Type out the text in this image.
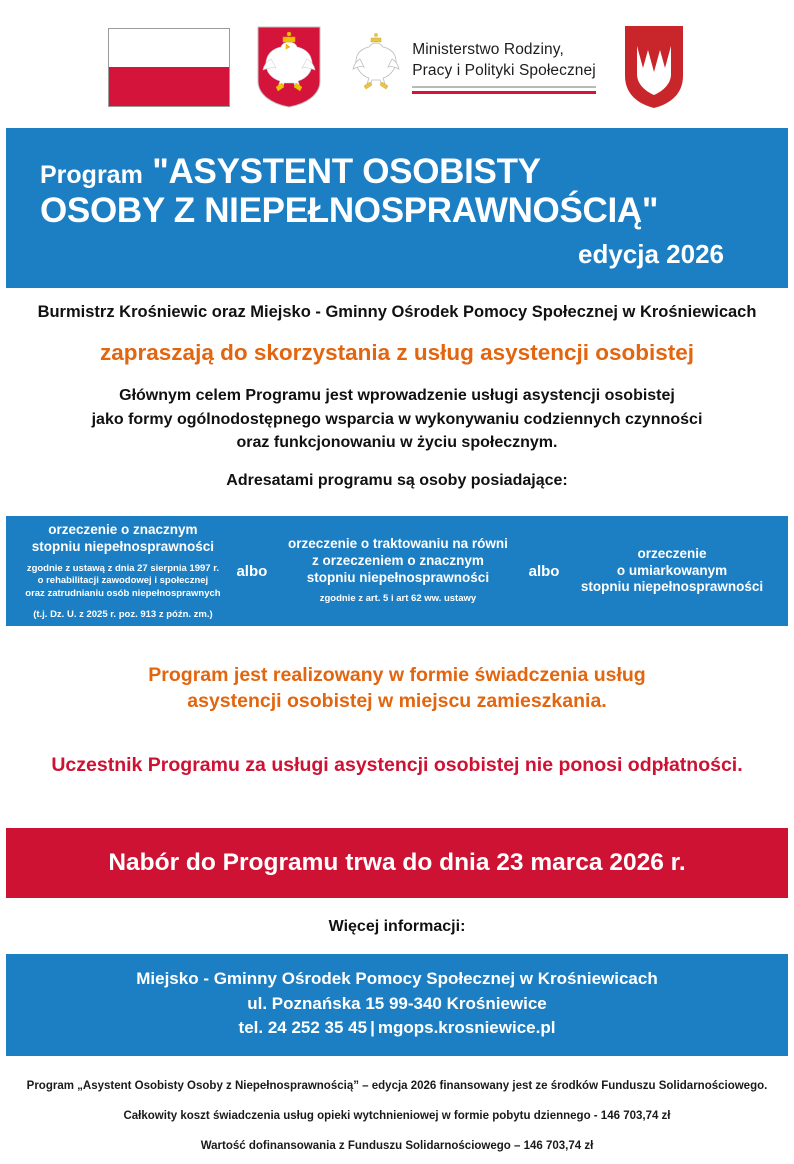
Ministerstwo Rodziny,
Pracy i Polityki Społecznej
Program "ASYSTENT OSOBISTY
OSOBY Z NIEPEŁNOSPRAWNOŚCIĄ"
edycja 2026
Burmistrz Krośniewic oraz Miejsko - Gminny Ośrodek Pomocy Społecznej w Krośniewicach
zapraszają do skorzystania z usług asystencji osobistej
Głównym celem Programu jest wprowadzenie usługi asystencji osobistej
jako formy ogólnodostępnego wsparcia w wykonywaniu codziennych czynności
oraz funkcjonowaniu w życiu społecznym.
Adresatami programu są osoby posiadające:
orzeczenie o znacznym
stopniu niepełnosprawności
zgodnie z ustawą z dnia 27 sierpnia 1997 r.
o rehabilitacji zawodowej i społecznej
oraz zatrudnianiu osób niepełnosprawnych
(t.j. Dz. U. z 2025 r. poz. 913 z późn. zm.)
albo
orzeczenie o traktowaniu na równi
z orzeczeniem o znacznym
stopniu niepełnosprawności
zgodnie z art. 5 i art 62 ww. ustawy
albo
orzeczenie
o umiarkowanym
stopniu niepełnosprawności
Program jest realizowany w formie świadczenia usług
asystencji osobistej w miejscu zamieszkania.
Uczestnik Programu za usługi asystencji osobistej nie ponosi odpłatności.
Nabór do Programu trwa do dnia 23 marca 2026 r.
Więcej informacji:
Miejsko - Gminny Ośrodek Pomocy Społecznej w Krośniewicach
ul. Poznańska 15 99-340 Krośniewice
tel. 24 252 35 45 | mgops.krosniewice.pl
Program „Asystent Osobisty Osoby z Niepełnosprawnością” – edycja 2026 finansowany jest ze środków Funduszu Solidarnościowego.
Całkowity koszt świadczenia usług opieki wytchnieniowej w formie pobytu dziennego - 146 703,74 zł
Wartość dofinansowania z Funduszu Solidarnościowego – 146 703,74 zł
